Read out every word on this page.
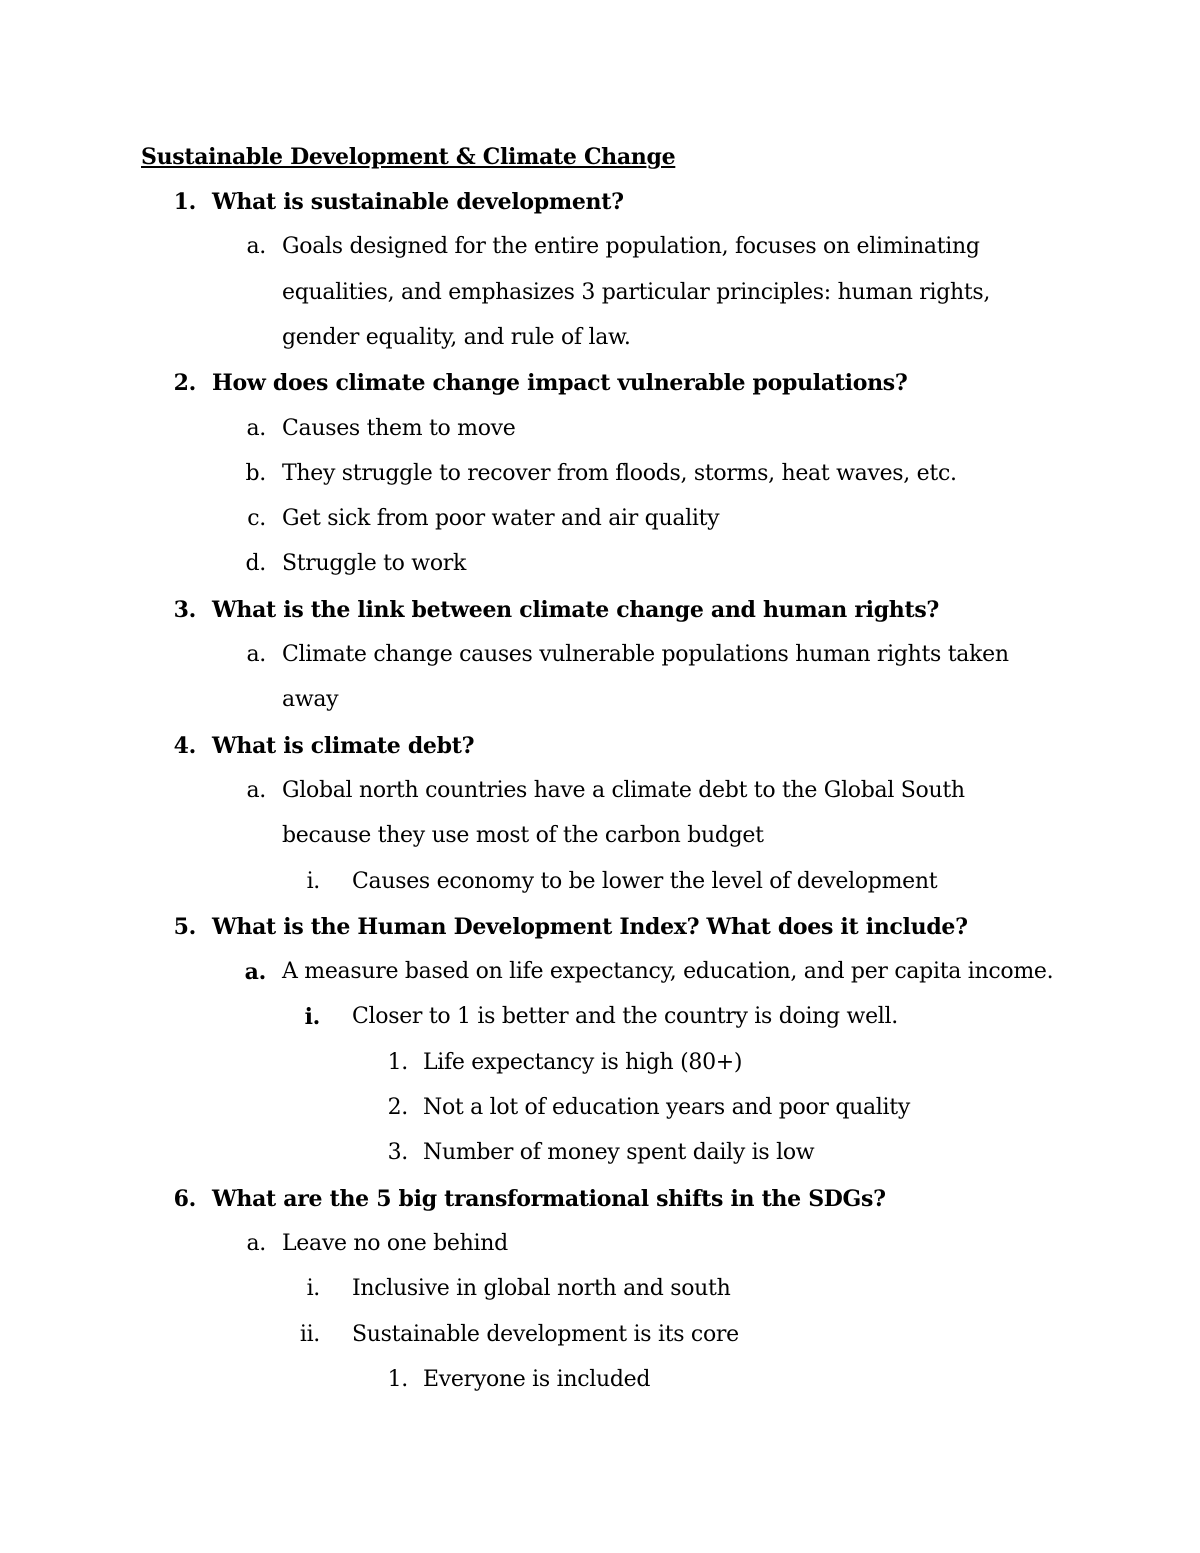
Sustainable Development & Climate Change
1. What is sustainable development?
a. Goals designed for the entire population, focuses on eliminating
equalities, and emphasizes 3 particular principles: human rights,
gender equality, and rule of law.
2. How does climate change impact vulnerable populations?
a. Causes them to move
b. They struggle to recover from floods, storms, heat waves, etc.
c. Get sick from poor water and air quality
d. Struggle to work
3. What is the link between climate change and human rights?
a. Climate change causes vulnerable populations human rights taken
away
4. What is climate debt?
a. Global north countries have a climate debt to the Global South
because they use most of the carbon budget
i. Causes economy to be lower the level of development
5. What is the Human Development Index? What does it include?
a. A measure based on life expectancy, education, and per capita income.
i. Closer to 1 is better and the country is doing well.
1. Life expectancy is high (80+)
2. Not a lot of education years and poor quality
3. Number of money spent daily is low
6. What are the 5 big transformational shifts in the SDGs?
a. Leave no one behind
i. Inclusive in global north and south
ii. Sustainable development is its core
1. Everyone is included
